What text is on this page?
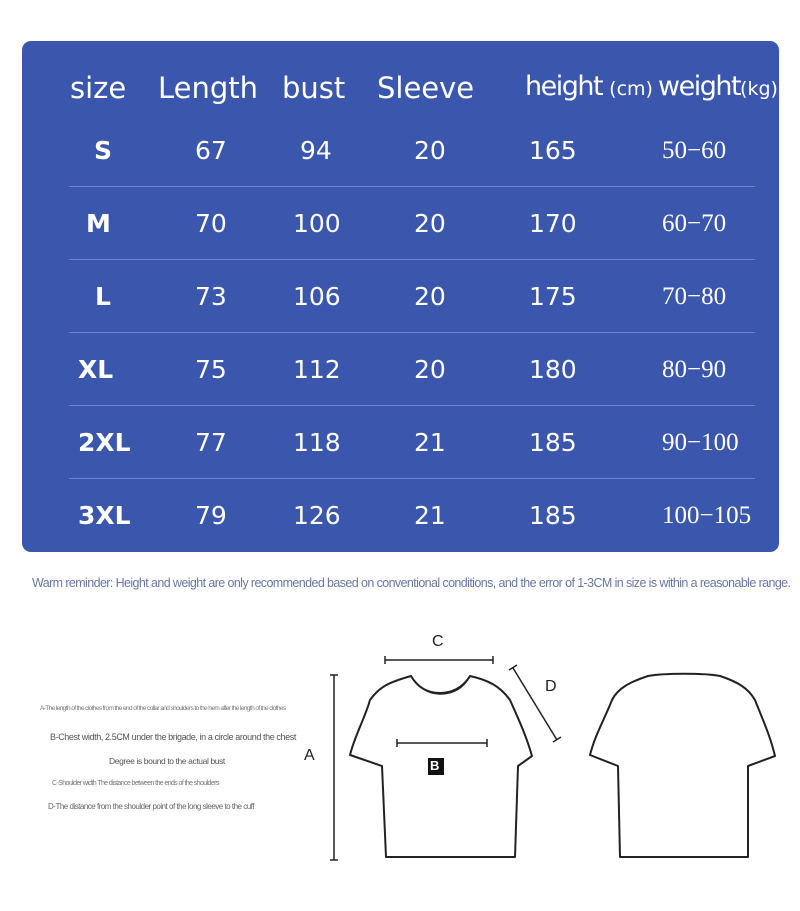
size Length bust Sleeve height (cm) weight(kg)
S	67	94	20	165	50−60
M	70	100	20	170	60−70
L	73	106	20	175	70−80
XL	75	112	20	180	80−90
2XL	77	118	21	185	90−100
3XL	79	126	21	185	100−105
Warm reminder: Height and weight are only recommended based on conventional conditions, and the error of 1-3CM in size is within a reasonable range.
A-The length of the clothes from the end of the collar and shoulders to the hem after the length of the clothes
B-Chest width, 2.5CM under the brigade, in a circle around the chest
Degree is bound to the actual bust
C-Shoulder width The distance between the ends of the shoulders
D-The distance from the shoulder point of the long sleeve to the cuff
A
B
C
D
